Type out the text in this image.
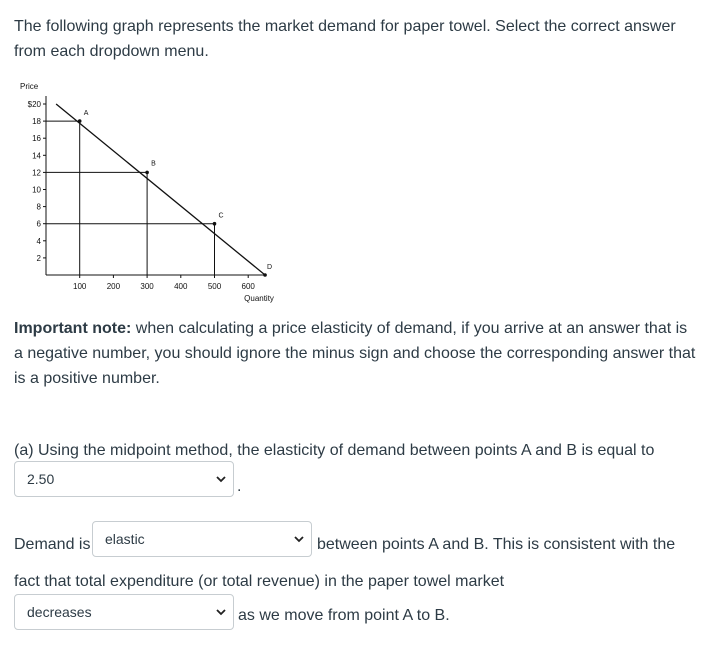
The following graph represents the market demand for paper towel. Select the correct answer from each dropdown menu.

Price
2
4
6
8
10
12
14
16
18
$20
100	200	300	400	500	600
Quantity
A
B
C
D

Important note: when calculating a price elasticity of demand, if you arrive at an answer that is a negative number, you should ignore the minus sign and choose the corresponding answer that is a positive number.

(a) Using the midpoint method, the elasticity of demand between points A and B is equal to
2.50	.
Demand is elastic	between points A and B. This is consistent with the
fact that total expenditure (or total revenue) in the paper towel market
decreases	as we move from point A to B.
